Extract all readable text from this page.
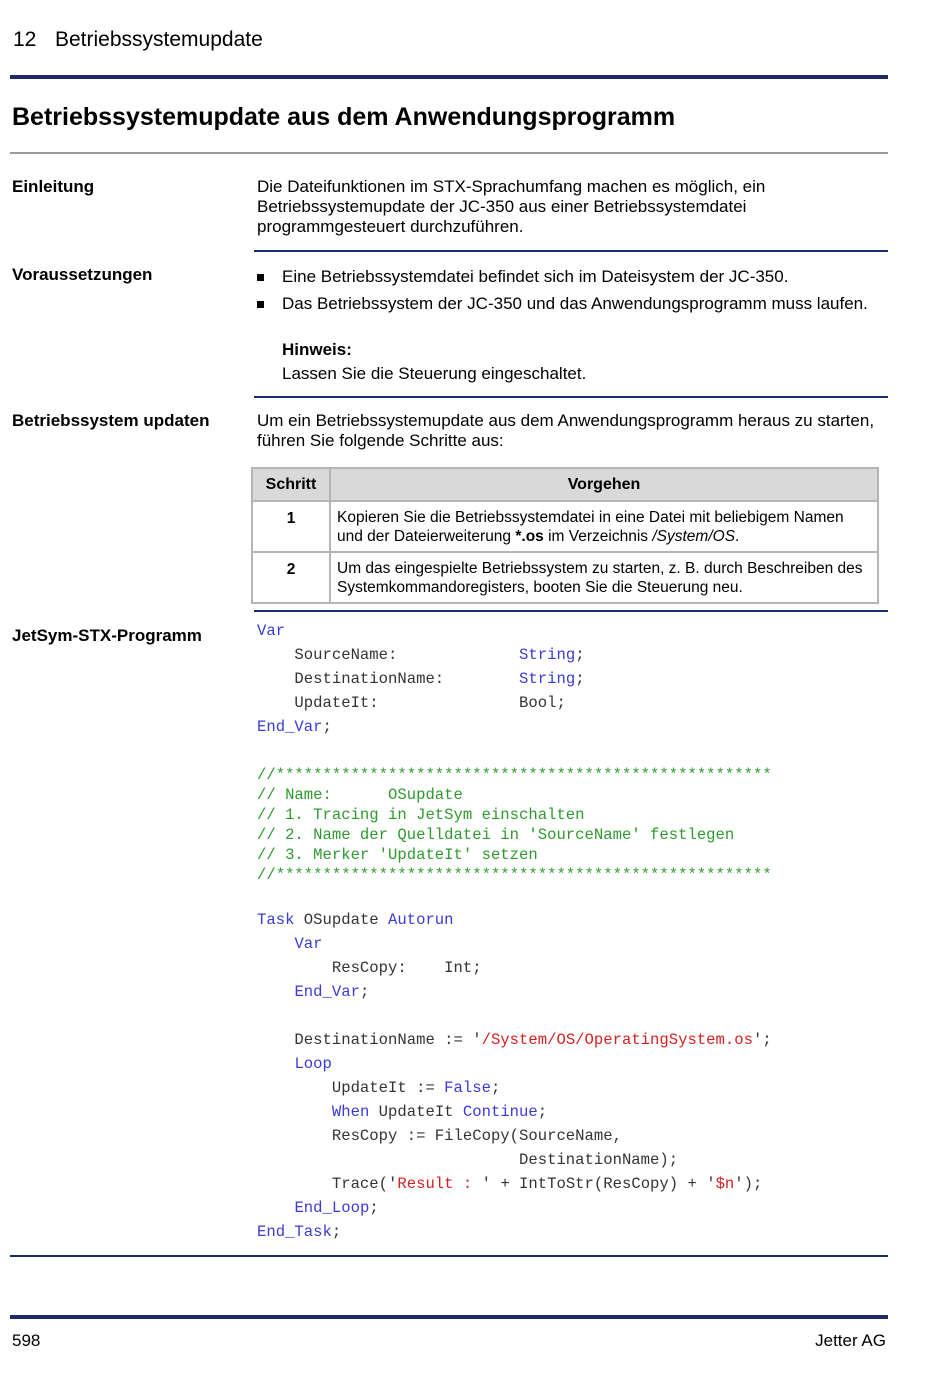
12 Betriebssystemupdate
Betriebssystemupdate aus dem Anwendungsprogramm
Einleitung	Die Dateifunktionen im STX-Sprachumfang machen es möglich, ein Betriebssystemupdate der JC-350 aus einer Betriebssystemdatei programmgesteuert durchzuführen.
Voraussetzungen	Eine Betriebssystemdatei befindet sich im Dateisystem der JC-350.
Das Betriebssystem der JC-350 und das Anwendungsprogramm muss laufen.
Hinweis:
Lassen Sie die Steuerung eingeschaltet.
Betriebssystem updaten	Um ein Betriebssystemupdate aus dem Anwendungsprogramm heraus zu starten, führen Sie folgende Schritte aus:
Schritt	Vorgehen
1	Kopieren Sie die Betriebssystemdatei in eine Datei mit beliebigem Namen und der Dateierweiterung *.os im Verzeichnis /System/OS.
2	Um das eingespielte Betriebssystem zu starten, z. B. durch Beschreiben des Systemkommandoregisters, booten Sie die Steuerung neu.
JetSym-STX-Programm	Var
SourceName:             String;
DestinationName:        String;
UpdateIt:               Bool;
End_Var;
//*****************************************************
// Name:      OSupdate
// 1. Tracing in JetSym einschalten
// 2. Name der Quelldatei in 'SourceName' festlegen
// 3. Merker 'UpdateIt' setzen
//*****************************************************
Task OSupdate Autorun
Var
ResCopy:    Int;
End_Var;
DestinationName := '/System/OS/OperatingSystem.os';
Loop
UpdateIt := False;
When UpdateIt Continue;
ResCopy := FileCopy(SourceName,
DestinationName);
Trace('Result : ' + IntToStr(ResCopy) + '$n');
End_Loop;
End_Task;
598	Jetter AG
